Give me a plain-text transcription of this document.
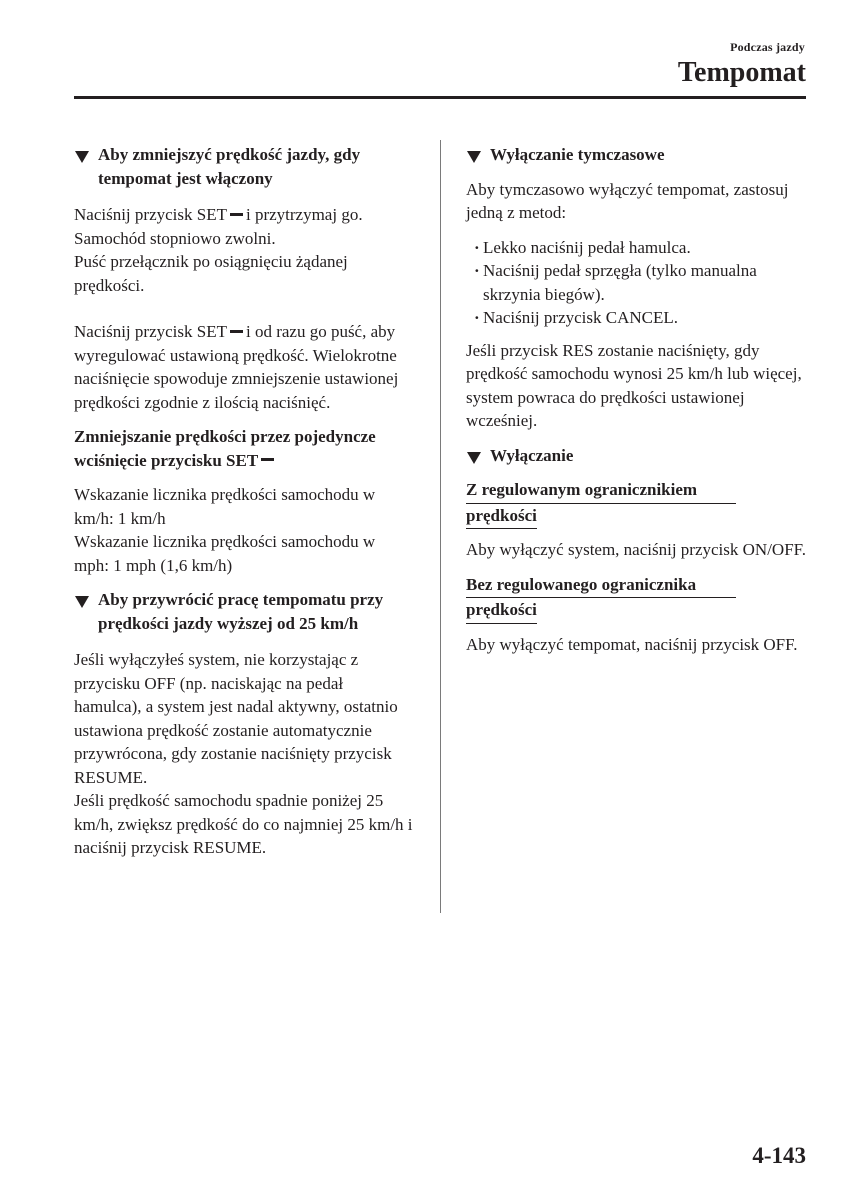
Podczas jazdy
Tempomat

Aby zmniejszyć prędkość jazdy, gdy tempomat jest włączony

Naciśnij przycisk SET i przytrzymaj go. Samochód stopniowo zwolni.

Puść przełącznik po osiągnięciu żądanej prędkości.

Naciśnij przycisk SET i od razu go puść, aby wyregulować ustawioną prędkość. Wielokrotne naciśnięcie spowoduje zmniejszenie ustawionej prędkości zgodnie z ilością naciśnięć.

Zmniejszanie prędkości przez pojedyncze wciśnięcie przycisku SET

Wskazanie licznika prędkości samochodu w km/h: 1 km/h

Wskazanie licznika prędkości samochodu w mph: 1 mph (1,6 km/h)

Aby przywrócić pracę tempomatu przy prędkości jazdy wyższej od 25 km/h

Jeśli wyłączyłeś system, nie korzystając z przycisku OFF (np. naciskając na pedał hamulca), a system jest nadal aktywny, ostatnio ustawiona prędkość zostanie automatycznie przywrócona, gdy zostanie naciśnięty przycisk RESUME.

Jeśli prędkość samochodu spadnie poniżej 25 km/h, zwiększ prędkość do co najmniej 25 km/h i naciśnij przycisk RESUME.

Wyłączanie tymczasowe

Aby tymczasowo wyłączyć tempomat, zastosuj jedną z metod:

· Lekko naciśnij pedał hamulca.
· Naciśnij pedał sprzęgła (tylko manualna skrzynia biegów).
· Naciśnij przycisk CANCEL.

Jeśli przycisk RES zostanie naciśnięty, gdy prędkość samochodu wynosi 25 km/h lub więcej, system powraca do prędkości ustawionej wcześniej.

Wyłączanie

Z regulowanym ogranicznikiem
prędkości

Aby wyłączyć system, naciśnij przycisk ON/OFF.

Bez regulowanego ogranicznika
prędkości

Aby wyłączyć tempomat, naciśnij przycisk OFF.

4-143
